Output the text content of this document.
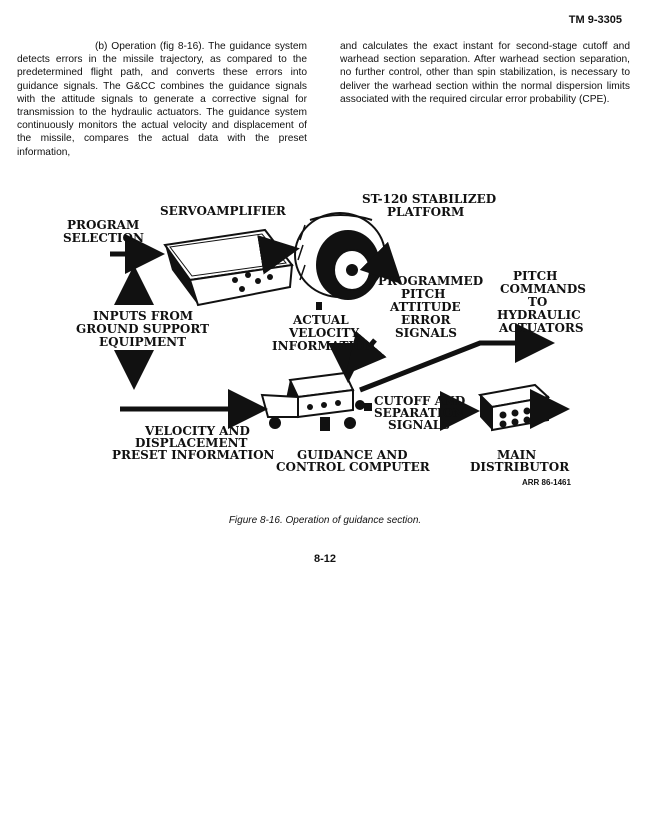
TM 9-3305

(b) Operation (fig 8-16). The guidance system detects errors in the missile trajectory, as compared to the predetermined flight path, and converts these errors into guidance signals. The G&CC combines the guidance signals with the attitude signals to generate a corrective signal for transmission to the hydraulic actuators. The guidance system continuously monitors the actual velocity and displacement of the missile, compares the actual data with the preset information,

and calculates the exact instant for second-stage cutoff and warhead section separation. After warhead section separation, no further control, other than spin stabilization, is necessary to deliver the warhead section within the normal dispersion limits associated with the required circular error probability (CPE).

SERVOAMPLIFIER
ST-120 STABILIZED
PLATFORM
PROGRAM
SELECTION
INPUTS FROM
GROUND SUPPORT
EQUIPMENT
ACTUAL
VELOCITY
INFORMATION
PROGRAMMED
PITCH
ATTITUDE
ERROR
SIGNALS
PITCH
COMMANDS
TO
HYDRAULIC
ACTUATORS
CUTOFF AND
SEPARATION
SIGNALS
VELOCITY AND
DISPLACEMENT
PRESET INFORMATION GUIDANCE AND
CONTROL COMPUTER
MAIN
DISTRIBUTOR
ARR 86-1461
Figure 8-16. Operation of guidance section.
8-12
